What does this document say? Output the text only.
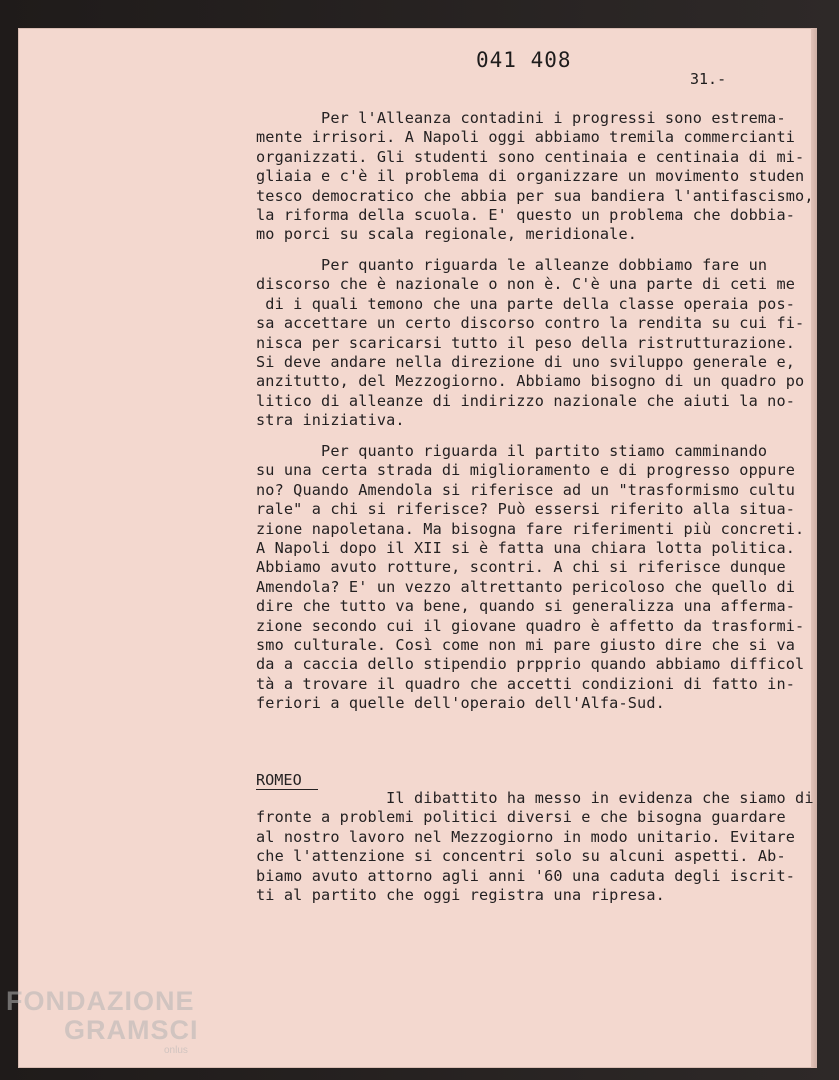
041 408
31.-
Per l'Alleanza contadini i progressi sono estrema-
mente irrisori. A Napoli oggi abbiamo tremila commercianti
organizzati. Gli studenti sono centinaia e centinaia di mi-
gliaia e c'è il problema di organizzare un movimento studen
tesco democratico che abbia per sua bandiera l'antifascismo,
la riforma della scuola. E' questo un problema che dobbia-
mo porci su scala regionale, meridionale.
Per quanto riguarda le alleanze dobbiamo fare un
discorso che è nazionale o non è. C'è una parte di ceti me
di i quali temono che una parte della classe operaia pos-
sa accettare un certo discorso contro la rendita su cui fi-
nisca per scaricarsi tutto il peso della ristrutturazione.
Si deve andare nella direzione di uno sviluppo generale e,
anzitutto, del Mezzogiorno. Abbiamo bisogno di un quadro po
litico di alleanze di indirizzo nazionale che aiuti la no-
stra iniziativa.
Per quanto riguarda il partito stiamo camminando
su una certa strada di miglioramento e di progresso oppure
no? Quando Amendola si riferisce ad un "trasformismo cultu
rale" a chi si riferisce? Può essersi riferito alla situa-
zione napoletana. Ma bisogna fare riferimenti più concreti.
A Napoli dopo il XII si è fatta una chiara lotta politica.
Abbiamo avuto rotture, scontri. A chi si riferisce dunque
Amendola? E' un vezzo altrettanto pericoloso che quello di
dire che tutto va bene, quando si generalizza una afferma-
zione secondo cui il giovane quadro è affetto da trasformi-
smo culturale. Così come non mi pare giusto dire che si va
da a caccia dello stipendio prpprio quando abbiamo difficol
tà a trovare il quadro che accetti condizioni di fatto in-
feriori a quelle dell'operaio dell'Alfa-Sud.
ROMEO
Il dibattito ha messo in evidenza che siamo di
fronte a problemi politici diversi e che bisogna guardare
al nostro lavoro nel Mezzogiorno in modo unitario. Evitare
che l'attenzione si concentri solo su alcuni aspetti. Ab-
biamo avuto attorno agli anni '60 una caduta degli iscrit-
ti al partito che oggi registra una ripresa.
FONDAZIONE
GRAMSCI
onlus
